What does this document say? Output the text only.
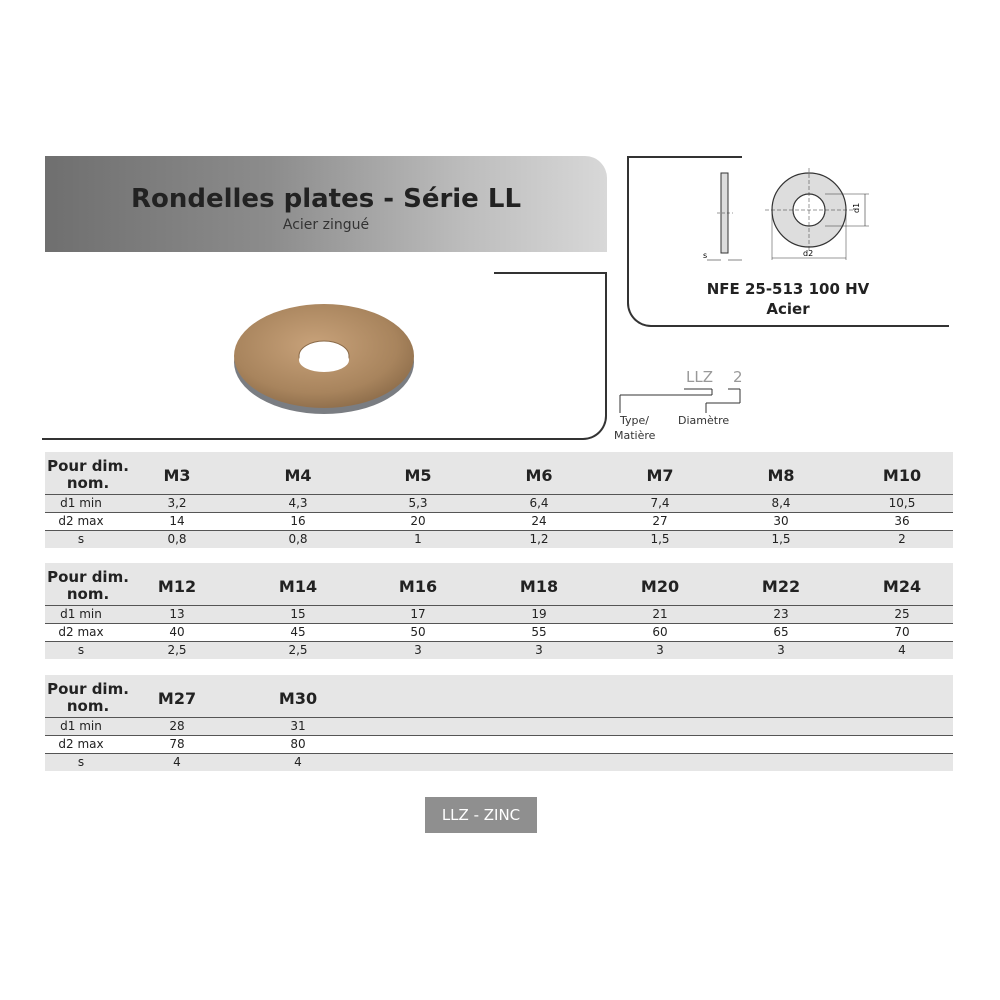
Rondelles plates - Série LL
Acier zingué
s
d1
d2
NFE 25-513 100 HV
Acier
LLZ 2
Type/
Matière
Diamètre
Pour dim.
nom.	M3	M4	M5	M6	M7	M8	M10
d1 min	3,2	4,3	5,3	6,4	7,4	8,4	10,5
d2 max	14	16	20	24	27	30	36
s	0,8	0,8	1	1,2	1,5	1,5	2
Pour dim.
nom.	M12	M14	M16	M18	M20	M22	M24
d1 min	13	15	17	19	21	23	25
d2 max	40	45	50	55	60	65	70
s	2,5	2,5	3	3	3	3	4
Pour dim.
nom.	M27	M30
d1 min	28	31
d2 max	78	80
s	4	4
LLZ - ZINC
